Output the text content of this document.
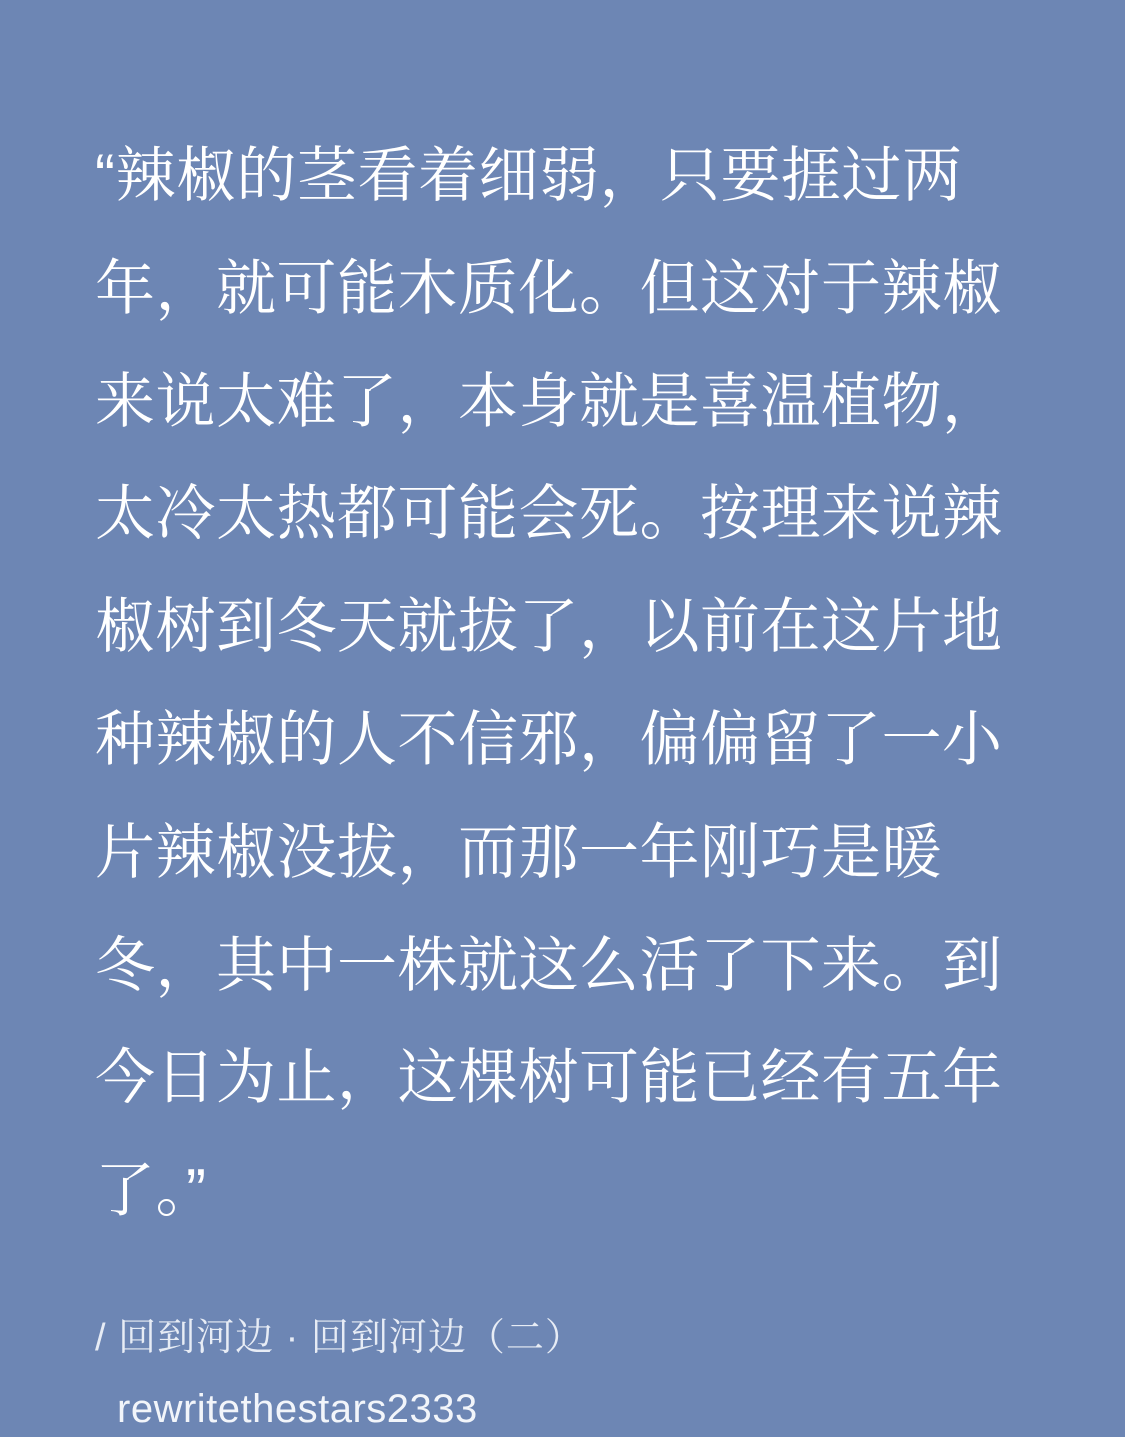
“辣椒的茎看着细弱，只要捱过两年，就可能木质化。但这对于辣椒来说太难了，本身就是喜温植物，太冷太热都可能会死。按理来说辣椒树到冬天就拔了，以前在这片地种辣椒的人不信邪，偏偏留了一小片辣椒没拔，而那一年刚巧是暖冬，其中一株就这么活了下来。到今日为止，这棵树可能已经有五年了。”
/ 回到河边 · 回到河边（二）
rewritethestars2333
